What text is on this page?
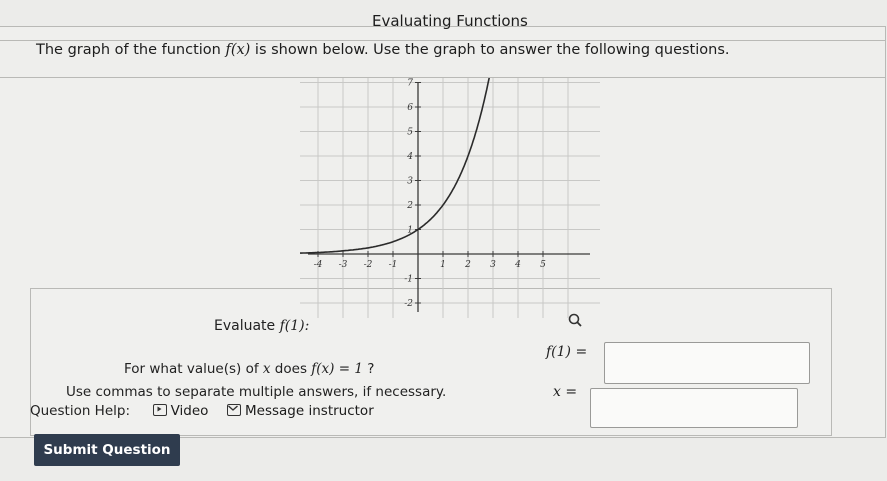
Evaluating Functions
The graph of the function f(x) is shown below. Use the graph to answer the following questions.
-4 -3 -2 -1	1 2 3 4 5
-2
-1
1
2
3
4
5
6
7
Evaluate f(1):
f(1) =
For what value(s) of x does f(x) = 1 ?
Use commas to separate multiple answers, if necessary.	x =
Question Help:	Video	Message instructor
Submit Question
